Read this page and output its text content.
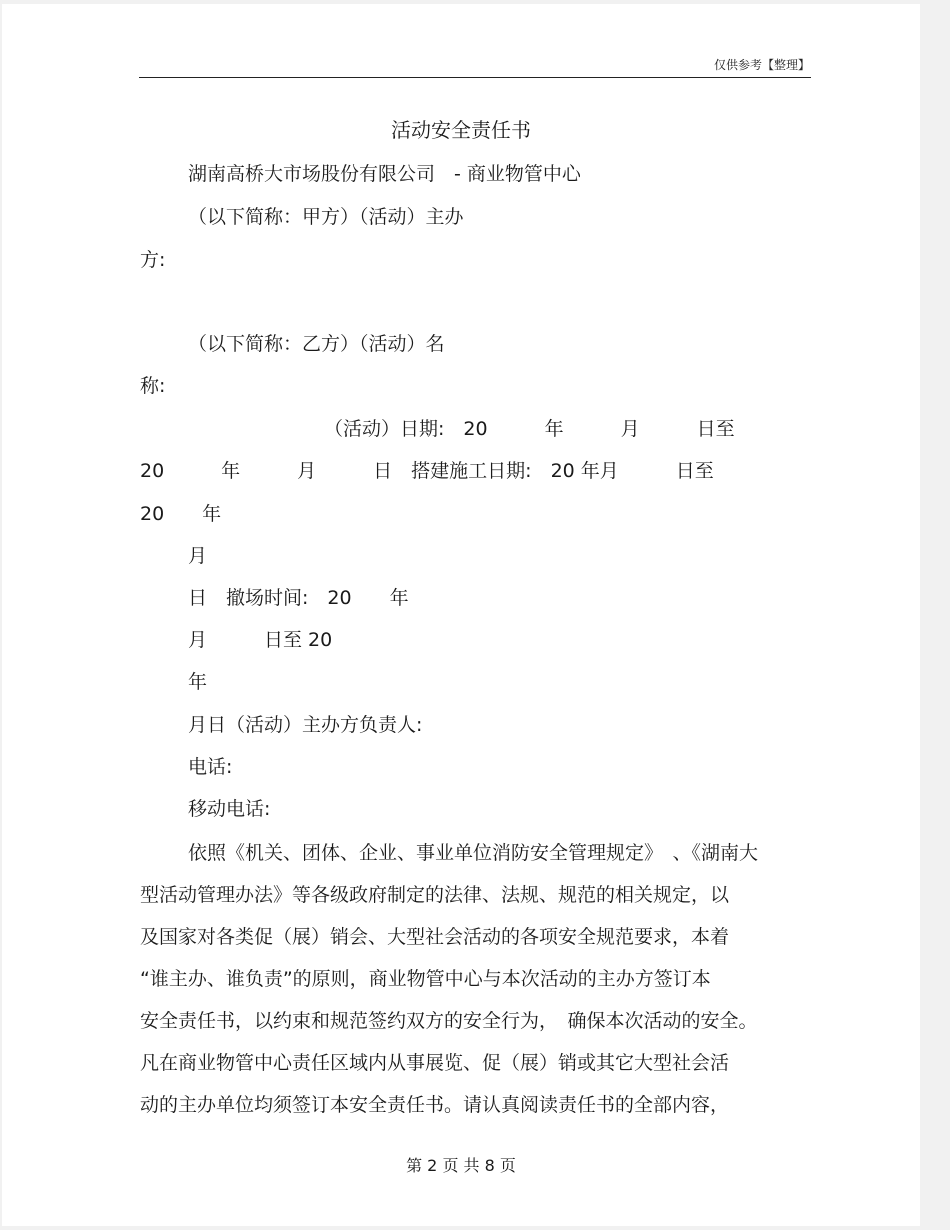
仅供参考【整理】
活动安全责任书
湖南高桥大市场股份有限公司　- 商业物管中心
（以下简称：甲方）（活动）主办
方:
（以下简称：乙方）（活动）名
称:
（活动）日期:　20　　　年　　　月　　　日至
20　　　年　　　月　　　日　搭建施工日期:　20 年月　　　日至
20　　年
月
日　撤场时间:　20　　年
月　　　日至 20
年
月日（活动）主办方负责人:
电话:
移动电话:
依照《机关、团体、企业、事业单位消防安全管理规定》　、《湖南大
型活动管理办法》等各级政府制定的法律、法规、规范的相关规定，以
及国家对各类促（展）销会、大型社会活动的各项安全规范要求，本着
“谁主办、谁负责”的原则，商业物管中心与本次活动的主办方签订本
安全责任书，以约束和规范签约双方的安全行为，　确保本次活动的安全。
凡在商业物管中心责任区域内从事展览、促（展）销或其它大型社会活
动的主办单位均须签订本安全责任书。请认真阅读责任书的全部内容，
第 2 页 共 8 页
